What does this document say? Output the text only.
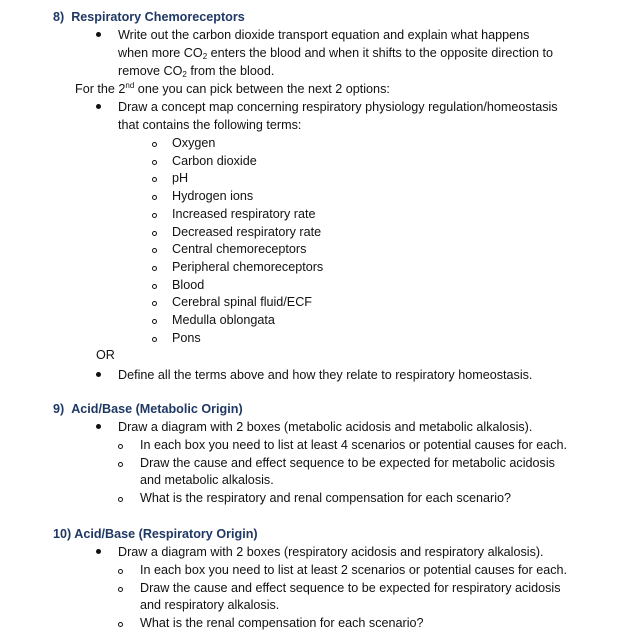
8)  Respiratory Chemoreceptors
Write out the carbon dioxide transport equation and explain what happens
when more $CO_2$ enters the blood and when it shifts to the opposite direction to
remove $CO_2$ from the blood.
For the 2nd one you can pick between the next 2 options:
Draw a concept map concerning respiratory physiology regulation/homeostasis
that contains the following terms:
Oxygen
Carbon dioxide
pH
Hydrogen ions
Increased respiratory rate
Decreased respiratory rate
Central chemoreceptors
Peripheral chemoreceptors
Blood
Cerebral spinal fluid/ECF
Medulla oblongata
Pons
OR
Define all the terms above and how they relate to respiratory homeostasis.
9)  Acid/Base (Metabolic Origin)
Draw a diagram with 2 boxes (metabolic acidosis and metabolic alkalosis).
In each box you need to list at least 4 scenarios or potential causes for each.
Draw the cause and effect sequence to be expected for metabolic acidosis
and metabolic alkalosis.
What is the respiratory and renal compensation for each scenario?
10) Acid/Base (Respiratory Origin)
Draw a diagram with 2 boxes (respiratory acidosis and respiratory alkalosis).
In each box you need to list at least 2 scenarios or potential causes for each.
Draw the cause and effect sequence to be expected for respiratory acidosis
and respiratory alkalosis.
What is the renal compensation for each scenario?
